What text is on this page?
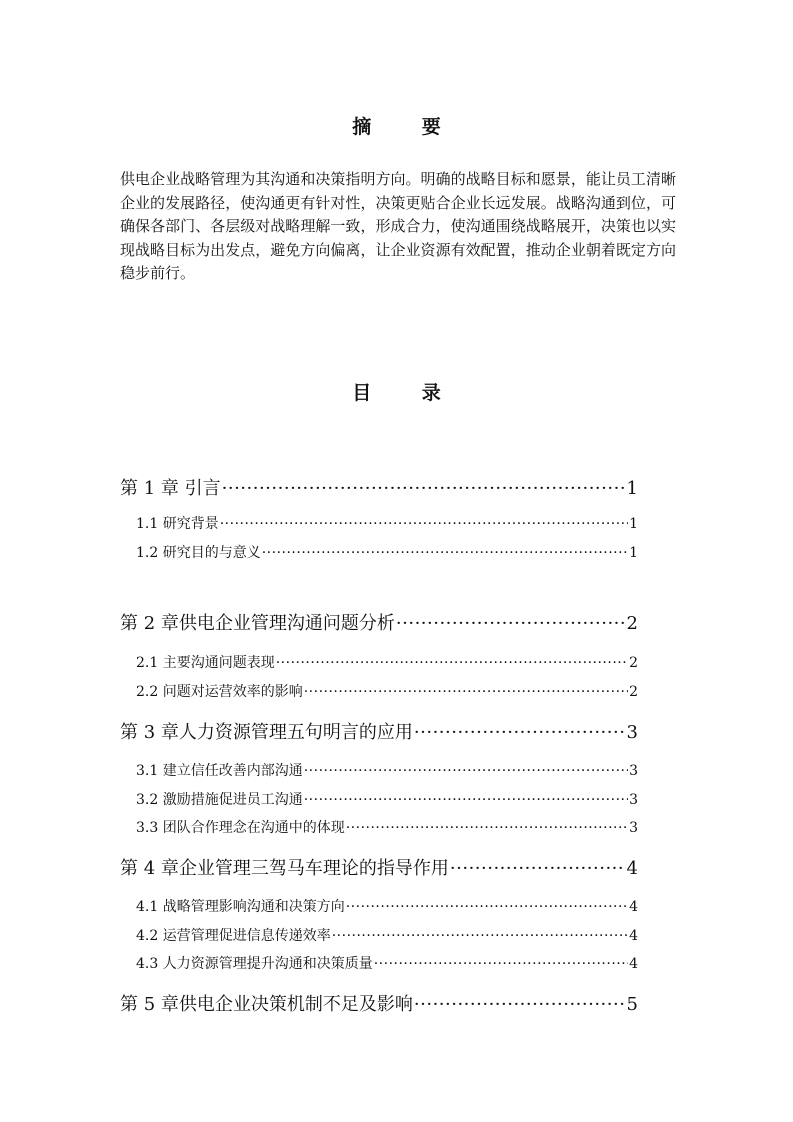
摘 要
供电企业战略管理为其沟通和决策指明方向。明确的战略目标和愿景，能让员工清晰企业的发展路径，使沟通更有针对性，决策更贴合企业长远发展。战略沟通到位，可确保各部门、各层级对战略理解一致，形成合力，使沟通围绕战略展开，决策也以实现战略目标为出发点，避免方向偏离，让企业资源有效配置，推动企业朝着既定方向稳步前行。
目 录
第 1 章 引言 ·····	1
1.1 研究背景 ·····	1
1.2 研究目的与意义 ·····	1
第 2 章供电企业管理沟通问题分析 ·····	2
2.1 主要沟通问题表现 ·····	2
2.2 问题对运营效率的影响 ·····	2
第 3 章人力资源管理五句明言的应用 ·····	3
3.1 建立信任改善内部沟通 ·····	3
3.2 激励措施促进员工沟通 ·····	3
3.3 团队合作理念在沟通中的体现 ·····	3
第 4 章企业管理三驾马车理论的指导作用 ·····	4
4.1 战略管理影响沟通和决策方向 ·····	4
4.2 运营管理促进信息传递效率 ·····	4
4.3 人力资源管理提升沟通和决策质量 ·····	4
第 5 章供电企业决策机制不足及影响 ·····	5
